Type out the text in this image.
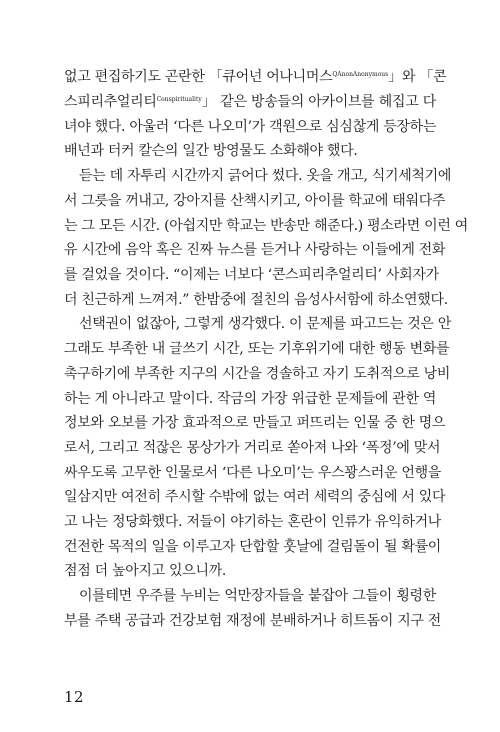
없고 편집하기도 곤란한 「큐어넌 어나니머스$^{QAnonAnonymous}$」와 「콘
스피리추얼리티$^{Conspirituality}$」 같은 방송들의 아카이브를 헤집고 다
녀야 했다. 아울러 ‘다른 나오미’가 객원으로 심심찮게 등장하는
배넌과 터커 칼슨의 일간 방영물도 소화해야 했다.
듣는 데 자투리 시간까지 긁어다 썼다. 옷을 개고, 식기세척기에
서 그릇을 꺼내고, 강아지를 산책시키고, 아이를 학교에 태워다주
는 그 모든 시간. (아쉽지만 학교는 반송만 해준다.) 평소라면 이런 여
유 시간에 음악 혹은 진짜 뉴스를 듣거나 사랑하는 이들에게 전화
를 걸었을 것이다. “이제는 너보다 ‘콘스피리추얼리티’ 사회자가
더 친근하게 느껴져.” 한밤중에 절친의 음성사서함에 하소연했다.
선택권이 없잖아, 그렇게 생각했다. 이 문제를 파고드는 것은 안
그래도 부족한 내 글쓰기 시간, 또는 기후위기에 대한 행동 변화를
촉구하기에 부족한 지구의 시간을 경솔하고 자기 도취적으로 낭비
하는 게 아니라고 말이다. 작금의 가장 위급한 문제들에 관한 역
정보와 오보를 가장 효과적으로 만들고 퍼뜨리는 인물 중 한 명으
로서, 그리고 적잖은 몽상가가 거리로 쏟아져 나와 ‘폭정’에 맞서
싸우도록 고무한 인물로서 ‘다른 나오미’는 우스꽝스러운 언행을
일삼지만 여전히 주시할 수밖에 없는 여러 세력의 중심에 서 있다
고 나는 정당화했다. 저들이 야기하는 혼란이 인류가 유익하거나
건전한 목적의 일을 이루고자 단합할 훗날에 걸림돌이 될 확률이
점점 더 높아지고 있으니까.
이를테면 우주를 누비는 억만장자들을 붙잡아 그들이 횡령한
부를 주택 공급과 건강보험 재정에 분배하거나 히트돔이 지구 전
12
